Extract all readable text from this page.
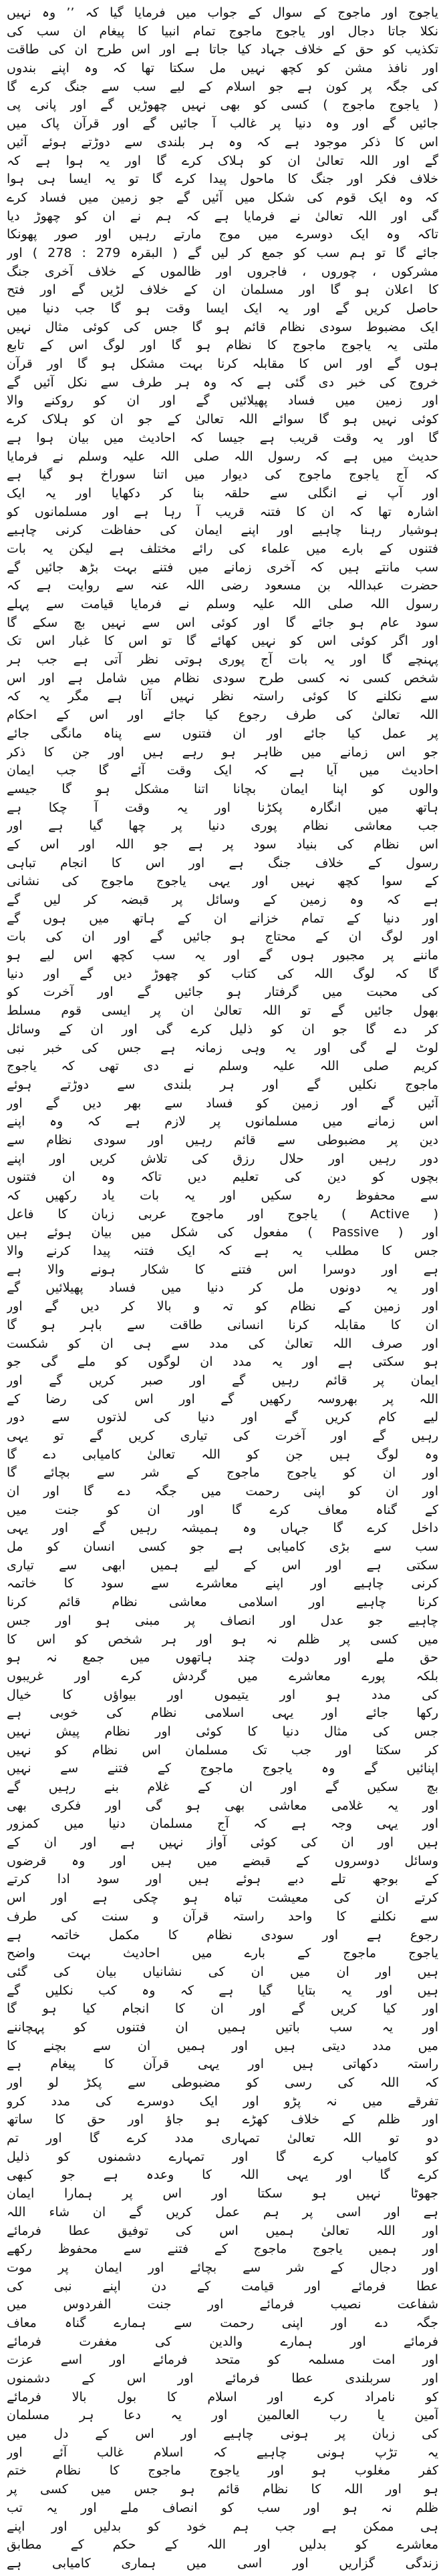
یاجوج اور ماجوج کے سوال کے جواب میں فرمایا گیا کہ ’’ وہ نہیں
نکلا جاتا دجال اور یاجوج ماجوج تمام انبیا کا پیغام ان سب کی
تکذیب کو حق کے خلاف جہاد کیا جاتا ہے اور اس طرح ان کی طاقت
اور نافذ مشن کو کچھ نہیں مل سکتا تھا کہ وہ اپنے بندوں
کی جگہ پر کون ہے جو اسلام کے لیے سب سے جنگ کرے گا
( یاجوج ماجوج ) کسی کو بھی نہیں چھوڑیں گے اور پانی پی
جائیں گے اور وہ دنیا پر غالب آ جائیں گے اور قرآن پاک میں
اس کا ذکر موجود ہے کہ وہ ہر بلندی سے دوڑتے ہوئے آئیں
گے اور اللہ تعالیٰ ان کو ہلاک کرے گا اور یہ ہوا ہے کہ
خلاف فکر اور جنگ کا ماحول پیدا کرے گا تو یہ ایسا ہی ہوا
کہ وہ ایک قوم کی شکل میں آئیں گے جو زمین میں فساد کرے
گی اور اللہ تعالیٰ نے فرمایا ہے کہ ہم نے ان کو چھوڑ دیا
تاکہ وہ ایک دوسرے میں موج مارتے رہیں اور صور پھونکا
جائے گا تو ہم سب کو جمع کر لیں گے ( البقرہ 279 : 278 ) اور
مشرکوں ، چوروں ، فاجروں اور ظالموں کے خلاف آخری جنگ
کا اعلان ہو گا اور مسلمان ان کے خلاف لڑیں گے اور فتح
حاصل کریں گے اور یہ ایک ایسا وقت ہو گا جب دنیا میں
ایک مضبوط سودی نظام قائم ہو گا جس کی کوئی مثال نہیں
ملتی یہ یاجوج ماجوج کا نظام ہو گا اور لوگ اس کے تابع
ہوں گے اور اس کا مقابلہ کرنا بہت مشکل ہو گا اور قرآن
خروج کی خبر دی گئی ہے کہ وہ ہر طرف سے نکل آئیں گے
اور زمین میں فساد پھیلائیں گے اور ان کو روکنے والا
کوئی نہیں ہو گا سوائے اللہ تعالیٰ کے جو ان کو ہلاک کرے
گا اور یہ وقت قریب ہے جیسا کہ احادیث میں بیان ہوا ہے
حدیث میں ہے کہ رسول اللہ صلی اللہ علیہ وسلم نے فرمایا
کہ آج یاجوج ماجوج کی دیوار میں اتنا سوراخ ہو گیا ہے
اور آپ نے انگلی سے حلقہ بنا کر دکھایا اور یہ ایک
اشارہ تھا کہ ان کا فتنہ قریب آ رہا ہے اور مسلمانوں کو
ہوشیار رہنا چاہیے اور اپنے ایمان کی حفاظت کرنی چاہیے
فتنوں کے بارے میں علماء کی رائے مختلف ہے لیکن یہ بات
سب مانتے ہیں کہ آخری زمانے میں فتنے بہت بڑھ جائیں گے
حضرت عبداللہ بن مسعود رضی اللہ عنہ سے روایت ہے کہ
رسول اللہ صلی اللہ علیہ وسلم نے فرمایا قیامت سے پہلے
سود عام ہو جائے گا اور کوئی اس سے نہیں بچ سکے گا
اور اگر کوئی اس کو نہیں کھائے گا تو اس کا غبار اس تک
پہنچے گا اور یہ بات آج پوری ہوتی نظر آتی ہے جب ہر
شخص کسی نہ کسی طرح سودی نظام میں شامل ہے اور اس
سے نکلنے کا کوئی راستہ نظر نہیں آتا ہے مگر یہ کہ
اللہ تعالیٰ کی طرف رجوع کیا جائے اور اس کے احکام
پر عمل کیا جائے اور ان فتنوں سے پناہ مانگی جائے
جو اس زمانے میں ظاہر ہو رہے ہیں اور جن کا ذکر
احادیث میں آیا ہے کہ ایک وقت آئے گا جب ایمان
والوں کو اپنا ایمان بچانا اتنا مشکل ہو گا جیسے
ہاتھ میں انگارہ پکڑنا اور یہ وقت آ چکا ہے
جب معاشی نظام پوری دنیا پر چھا گیا ہے اور
اس نظام کی بنیاد سود پر ہے جو اللہ اور اس کے
رسول کے خلاف جنگ ہے اور اس کا انجام تباہی
کے سوا کچھ نہیں اور یہی یاجوج ماجوج کی نشانی
ہے کہ وہ زمین کے وسائل پر قبضہ کر لیں گے
اور دنیا کے تمام خزانے ان کے ہاتھ میں ہوں گے
اور لوگ ان کے محتاج ہو جائیں گے اور ان کی بات
ماننے پر مجبور ہوں گے اور یہ سب کچھ اس لیے ہو
گا کہ لوگ اللہ کی کتاب کو چھوڑ دیں گے اور دنیا
کی محبت میں گرفتار ہو جائیں گے اور آخرت کو
بھول جائیں گے تو اللہ تعالیٰ ان پر ایسی قوم مسلط
کر دے گا جو ان کو ذلیل کرے گی اور ان کے وسائل
لوٹ لے گی اور یہ وہی زمانہ ہے جس کی خبر نبی
کریم صلی اللہ علیہ وسلم نے دی تھی کہ یاجوج
ماجوج نکلیں گے اور ہر بلندی سے دوڑتے ہوئے
آئیں گے اور زمین کو فساد سے بھر دیں گے اور
اس زمانے میں مسلمانوں پر لازم ہے کہ وہ اپنے
دین پر مضبوطی سے قائم رہیں اور سودی نظام سے
دور رہیں اور حلال رزق کی تلاش کریں اور اپنے
بچوں کو دین کی تعلیم دیں تاکہ وہ ان فتنوں
سے محفوظ رہ سکیں اور یہ بات یاد رکھیں کہ
( Active ) یاجوج اور ماجوج عربی زبان کا فاعل
اور ( Passive ) مفعول کی شکل میں بیان ہوئے ہیں
جس کا مطلب یہ ہے کہ ایک فتنہ پیدا کرنے والا
ہے اور دوسرا اس فتنے کا شکار ہونے والا ہے
اور یہ دونوں مل کر دنیا میں فساد پھیلائیں گے
اور زمین کے نظام کو تہ و بالا کر دیں گے اور
ان کا مقابلہ کرنا انسانی طاقت سے باہر ہو گا
اور صرف اللہ تعالیٰ کی مدد سے ہی ان کو شکست
ہو سکتی ہے اور یہ مدد ان لوگوں کو ملے گی جو
ایمان پر قائم رہیں گے اور صبر کریں گے اور
اللہ پر بھروسہ رکھیں گے اور اس کی رضا کے
لیے کام کریں گے اور دنیا کی لذتوں سے دور
رہیں گے اور آخرت کی تیاری کریں گے تو یہی
وہ لوگ ہیں جن کو اللہ تعالیٰ کامیابی دے گا
اور ان کو یاجوج ماجوج کے شر سے بچائے گا
اور ان کو اپنی رحمت میں جگہ دے گا اور ان
کے گناہ معاف کرے گا اور ان کو جنت میں
داخل کرے گا جہاں وہ ہمیشہ رہیں گے اور یہی
سب سے بڑی کامیابی ہے جو کسی انسان کو مل
سکتی ہے اور اس کے لیے ہمیں ابھی سے تیاری
کرنی چاہیے اور اپنے معاشرے سے سود کا خاتمہ
کرنا چاہیے اور اسلامی معاشی نظام قائم کرنا
چاہیے جو عدل اور انصاف پر مبنی ہو اور جس
میں کسی پر ظلم نہ ہو اور ہر شخص کو اس کا
حق ملے اور دولت چند ہاتھوں میں جمع نہ ہو
بلکہ پورے معاشرے میں گردش کرے اور غریبوں
کی مدد ہو اور یتیموں اور بیواؤں کا خیال
رکھا جائے اور یہی اسلامی نظام کی خوبی ہے
جس کی مثال دنیا کا کوئی اور نظام پیش نہیں
کر سکتا اور جب تک مسلمان اس نظام کو نہیں
اپنائیں گے وہ یاجوج ماجوج کے فتنے سے نہیں
بچ سکیں گے اور ان کے غلام بنے رہیں گے
اور یہ غلامی معاشی بھی ہو گی اور فکری بھی
اور یہی وجہ ہے کہ آج مسلمان دنیا میں کمزور
ہیں اور ان کی کوئی آواز نہیں ہے اور ان کے
وسائل دوسروں کے قبضے میں ہیں اور وہ قرضوں
کے بوجھ تلے دبے ہوئے ہیں اور سود ادا کرتے
کرتے ان کی معیشت تباہ ہو چکی ہے اور اس
سے نکلنے کا واحد راستہ قرآن و سنت کی طرف
رجوع ہے اور سودی نظام کا مکمل خاتمہ ہے
یاجوج ماجوج کے بارے میں احادیث بہت واضح
ہیں اور ان میں ان کی نشانیاں بیان کی گئی
ہیں اور یہ بتایا گیا ہے کہ وہ کب نکلیں گے
اور کیا کریں گے اور ان کا انجام کیا ہو گا
اور یہ سب باتیں ہمیں ان فتنوں کو پہچاننے
میں مدد دیتی ہیں اور ہمیں ان سے بچنے کا
راستہ دکھاتی ہیں اور یہی قرآن کا پیغام ہے
کہ اللہ کی رسی کو مضبوطی سے پکڑ لو اور
تفرقے میں نہ پڑو اور ایک دوسرے کی مدد کرو
اور ظلم کے خلاف کھڑے ہو جاؤ اور حق کا ساتھ
دو تو اللہ تعالیٰ تمہاری مدد کرے گا اور تم
کو کامیاب کرے گا اور تمہارے دشمنوں کو ذلیل
کرے گا اور یہی اللہ کا وعدہ ہے جو کبھی
جھوٹا نہیں ہو سکتا اور اس پر ہمارا ایمان
ہے اور اسی پر ہم عمل کریں گے ان شاء اللہ
اور اللہ تعالیٰ ہمیں اس کی توفیق عطا فرمائے
اور ہمیں یاجوج ماجوج کے فتنے سے محفوظ رکھے
اور دجال کے شر سے بچائے اور ایمان پر موت
عطا فرمائے اور قیامت کے دن اپنے نبی کی
شفاعت نصیب فرمائے اور جنت الفردوس میں
جگہ دے اور اپنی رحمت سے ہمارے گناہ معاف
فرمائے اور ہمارے والدین کی مغفرت فرمائے
اور امت مسلمہ کو متحد فرمائے اور اسے عزت
اور سربلندی عطا فرمائے اور اس کے دشمنوں
کو نامراد کرے اور اسلام کا بول بالا فرمائے
آمین یا رب العالمین اور یہ دعا ہر مسلمان
کی زبان پر ہونی چاہیے اور اس کے دل میں
یہ تڑپ ہونی چاہیے کہ اسلام غالب آئے اور
کفر مغلوب ہو اور یاجوج ماجوج کا نظام ختم
ہو اور اللہ کا نظام قائم ہو جس میں کسی پر
ظلم نہ ہو اور سب کو انصاف ملے اور یہ تب
ہی ممکن ہے جب ہم خود کو بدلیں اور اپنے
معاشرے کو بدلیں اور اللہ کے حکم کے مطابق
زندگی گزاریں اور اسی میں ہماری کامیابی ہے
